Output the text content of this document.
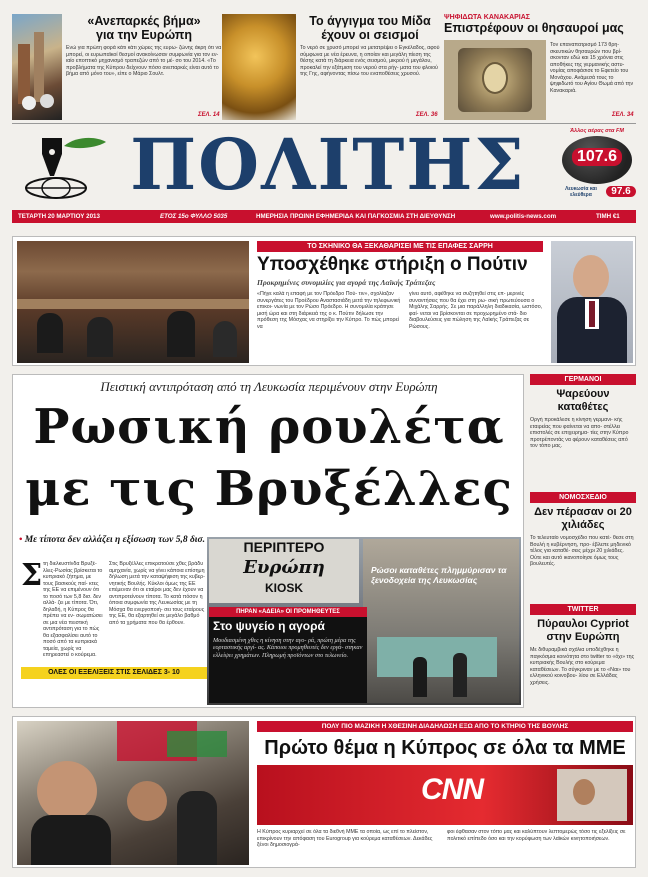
«Ανεπαρκές βήμα»
για την Ευρώπη
Ενώ για πρώτη φορά κάτι κάτι χώρες της ευρω- ζώνης άκρη ότι να μπορεί, οι ευρωπαϊκοί θεσμοί ανακοίνωσαν συμφωνία για τον εν- ιαίο εποπτικό μηχανισμό τραπεζών από το μέ- σο του 2014. «Το προβλήματα της Κύπρου δείχνουν πόσο ανεπαρκές είναι αυτό το βήμα από μόνο του», είπε ο Μάριο Σουλτ.
ΣΕΛ. 14
Το άγγιγμα του Μίδα
έχουν οι σεισμοί
Το νερό σε χρυσό μπορεί να μετατρέψει ο Εγκέλαδος, αφού σύμφωνα με νέα έρευνα, η οποίαν και μεγάλη πίεση της θέσης κατά τη διάρκεια ενός σεισμού, μικρού ή μεγάλου, προκαλεί την εξάτμιση του νερού στα ρήγ- ματα του φλοιού της Γης, αφήνοντας πίσω του εναποθέσεις χρυσού.
ΣΕΛ. 36
ΨΗΦΙΔΩΤΑ ΚΑΝΑΚΑΡΙΑΣ
Επιστρέφουν οι θησαυροί μας
Τον επαναπατρισμό 173 θρη- σκευτικών θησαυρών που βρί- σκονταν εδώ και 15 χρόνια στις αποθήκες της γερμανικής αστυ- νομίας αποφάσισε το Εφετείο του Μονάχου. Ανάμεσά τους το ψηφιδωτό του Αγίου Θωμά από την Κανακαριά.
ΣΕΛ. 34
ΠΟΛΙΤΗΣ	Άλλος αέρας στα FM
107.6
Λευκωσία και ελεύθερα	97.6
ΤΕΤΑΡΤΗ 20 ΜΑΡΤΙΟΥ 2013	ΕΤΟΣ 15ο ΦΥΛΛΟ 5035	ΗΜΕΡΗΣΙΑ ΠΡΩΙΝΗ ΕΦΗΜΕΡΙΔΑ ΚΑΙ ΠΑΓΚΟΣΜΙΑ ΣΤΗ ΔΙΕΥΘΥΝΣΗ	www.politis-news.com	ΤΙΜΗ €1
ΤΟ ΣΚΗΝΙΚΟ ΘΑ ΞΕΚΑΘΑΡΙΣΕΙ ΜΕ ΤΙΣ ΕΠΑΦΕΣ ΣΑΡΡΗ
Υποσχέθηκε στήριξη ο Πούτιν
Προκρημένες συνομιλίες για αγορά της Λαϊκής Τράπεζας
«Πήγε καλά η επαφή με τον Πρόεδρο Πού- τιν», σχολίαζαν συνεργάτες του Προέδρου Αναστασιάδη μετά την τηλεφωνική επικοι- νωνία με τον Ρώσο Πρόεδρο. Η συνομιλία κράτησε μισή ώρα και στη διάρκειά της ο κ. Πούτιν δήλωσε την πρόθεση της Μόσχας να στηρίξει την Κύπρο. Το πώς μπορεί να
γίνει αυτό, αφέθηκε να συζητηθεί στις επ- μερινές συναντήσεις που θα έχει στη ρω- σική πρωτεύουσα ο Μιχάλης Σαρρής. Σε μια παράλληλη διαδικασία, ωστόσο, φαί- νεται να βρίσκονται σε προχωρημένο στά- διο διαβουλεύσεις για πώληση της Λαϊκής Τράπεζας σε Ρώσους.
Πειστική αντιπρόταση από τη Λευκωσία περιμένουν στην Ευρώπη
Ρωσική ρουλέτα
με τις Βρυξέλλες
• Με τίποτα δεν αλλάζει η εξίσωση των 5,8 δισ.
Σ τη διελκυστίνδα Βρυξέ- λλες-Ρωσίας βρίσκεται το κυπριακό ζήτημα, με τους βασικούς παί- κτες της ΕΕ να επιμένουν ότι το ποσό των 5,8 δισ. δεν αλλά- ζει με τίποτα. Ότι, δηλαδή, η Κύπρος θα πρέπει να εν- σωματώσει σε μια νέα πειστική αντιπρόταση για το πώς θα εξασφαλίσει αυτό το ποσό από τα κυπριακά ταμεία, χωρίς να επηρεαστεί ο κούρεμα.
Στις Βρυξέλλες επικρατούσε χθες βράδυ αμηχανία, χωρίς να γίνει κάποια επίσημη δήλωση μετά την καταψήφιση της κυβερ- νητικής Βουλής. Κύκλοι όμως της ΕΕ επέμεναν ότι οι εταίροι μας δεν έχουν να αντιπροτείνουν τίποτα. Το κατά πόσον η όποια συμφωνία της Λευκωσίας με τη Μόσχα θα ενεργοποιή- σει τους εταίρους της ΕΕ, θα εξαρτηθεί σε μεγάλο βαθμό από τα χρήματα που θα έρθουν.
ΟΛΕΣ ΟΙ ΕΞΕΛΙΞΕΙΣ ΣΤΙΣ ΣΕΛΙΔΕΣ 3- 10
ΠΕΡΙΠΤΕΡΟ
Ευρώπη
KIOSK
Ρώσοι καταθέτες πλημμύρισαν τα ξενοδοχεία της Λευκωσίας
ΠΗΡΑΝ «ΑΔΕΙΑ» ΟΙ ΠΡΟΜΗΘΕΥΤΕΣ
Στο ψυγείο η αγορά
Μουδιασμένη χθες η κίνηση στην αγο- ρά, πρώτη μέρα της εορταστικής αργί- ας. Κάποιοι προμηθευτές δεν εργά- στηκαν ελλείψει χρημάτων. Πληρωμή προϊόντων στο τελωνείο.
ΓΕΡΜΑΝΟΙ
Ψαρεύουν καταθέτες
Οργή προκάλεσε η κίνηση γερμανι- κής εταιρείας που φαίνεται να απο- στέλλει επιστολές σε επιχειρημα- τίες στην Κύπρο προτρέποντάς να φέρουν καταθέσεις από τον τόπο μας.
ΝΟΜΟΣΧΕΔΙΟ
Δεν πέρασαν οι 20 χιλιάδες
Το τελευταίο νομοσχέδιο που κατέ- θεσε στη Βουλή η κυβέρνηση, προ- έβλεπε μηδενικό τέλος για καταθέ- σεις μέχρι 20 χιλιάδες. Ούτε και αυτό ικανοποίησε όμως τους βουλευτές.
TWITTER
Πύραυλοι Cypriot στην Ευρώπη
Με διθυραμβικά σχόλια υποδέχθηκε η παγκόσμια κοινότητα στο twitter το «όχι» της κυπριακής Βουλής στο κούρεμα καταθέσεων. Το σύγκριναν με το «Ναι» του ελληνικού κοινοβου- λίου σε Ελλάδας χρήσεις.
ΠΟΛΥ ΠΙΟ ΜΑΖΙΚΗ Η ΧΘΕΣΙΝΗ ΔΙΑΔΗΛΩΣΗ ΕΞΩ ΑΠΟ ΤΟ ΚΤΗΡΙΟ ΤΗΣ ΒΟΥΛΗΣ
Πρώτο θέμα η Κύπρος σε όλα τα ΜΜΕ
CNN
Η Κύπρος κυριαρχεί σε όλα τα διεθνή ΜΜΕ τα οποία, ως επί το πλείστον, επικρίνουν την απόφαση του Eurogroup για κούρεμα καταθέσεων. Δεκάδες ξένοι δημοσιογρά-
φοι έφθασαν στον τόπο μας και καλύπτουν λεπτομερώς τόσο τις εξελίξεις σε πολιτικό επίπεδο όσο και την κορύφωση των λαϊκών κινητοποιήσεων.
